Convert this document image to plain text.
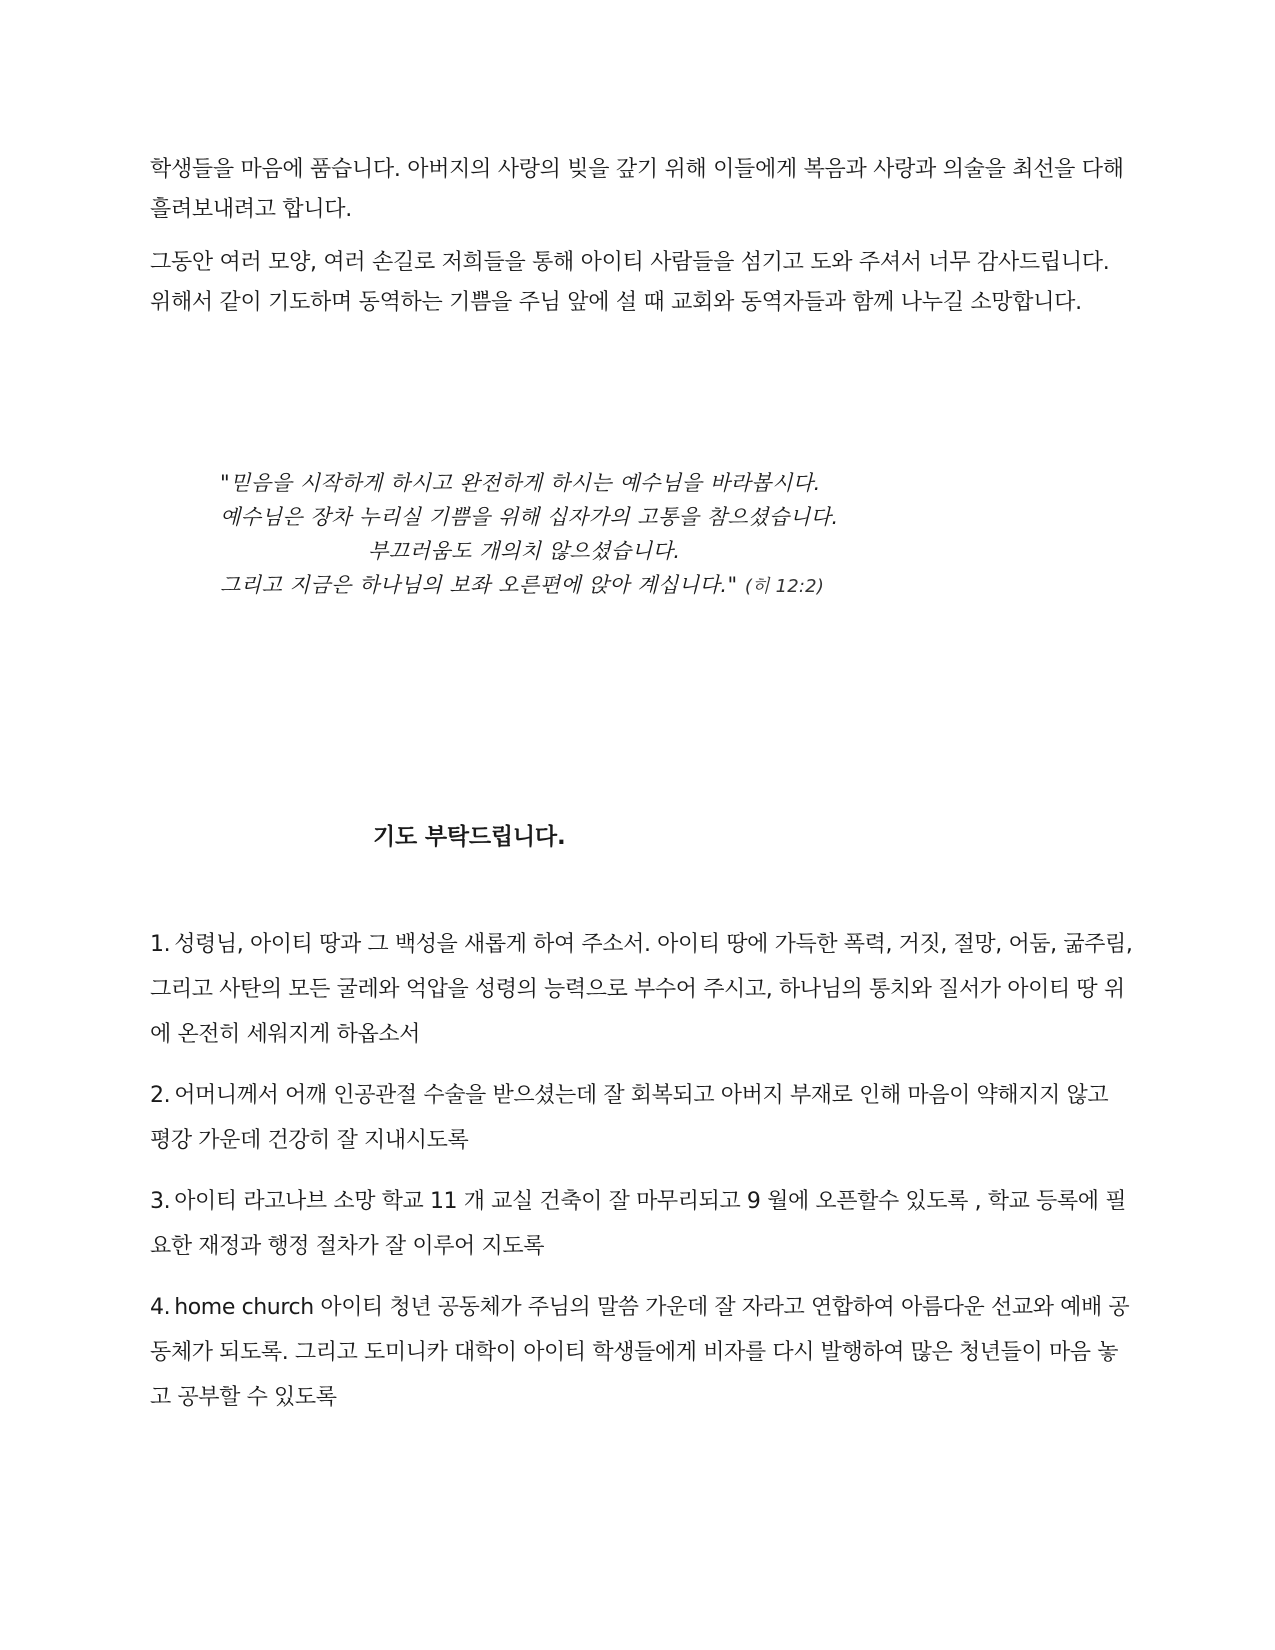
학생들을 마음에 품습니다. 아버지의 사랑의 빚을 갚기 위해 이들에게 복음과 사랑과 의술을 최선을 다해 흘려보내려고 합니다.

그동안 여러 모양, 여러 손길로 저희들을 통해 아이티 사람들을 섬기고 도와 주셔서 너무 감사드립니다. 위해서 같이 기도하며 동역하는 기쁨을 주님 앞에 설 때 교회와 동역자들과 함께 나누길 소망합니다.

"믿음을 시작하게 하시고 완전하게 하시는 예수님을 바라봅시다.
예수님은 장차 누리실 기쁨을 위해 십자가의 고통을 참으셨습니다.
부끄러움도 개의치 않으셨습니다.
그리고 지금은 하나님의 보좌 오른편에 앉아 계십니다." (히 12:2)
기도 부탁드립니다.
1. 성령님, 아이티 땅과 그 백성을 새롭게 하여 주소서. 아이티 땅에 가득한 폭력, 거짓, 절망, 어둠, 굶주림, 그리고 사탄의 모든 굴레와 억압을 성령의 능력으로 부수어 주시고, 하나님의 통치와 질서가 아이티 땅 위에 온전히 세워지게 하옵소서
2. 어머니께서 어깨 인공관절 수술을 받으셨는데 잘 회복되고 아버지 부재로 인해 마음이 약해지지 않고 평강 가운데 건강히 잘 지내시도록
3. 아이티 라고나브 소망 학교 11 개 교실 건축이 잘 마무리되고 9 월에 오픈할수 있도록 , 학교 등록에 필요한 재정과 행정 절차가 잘 이루어 지도록
4. home church 아이티 청년 공동체가 주님의 말씀 가운데 잘 자라고 연합하여 아름다운 선교와 예배 공동체가 되도록. 그리고 도미니카 대학이 아이티 학생들에게 비자를 다시 발행하여 많은 청년들이 마음 놓고 공부할 수 있도록
